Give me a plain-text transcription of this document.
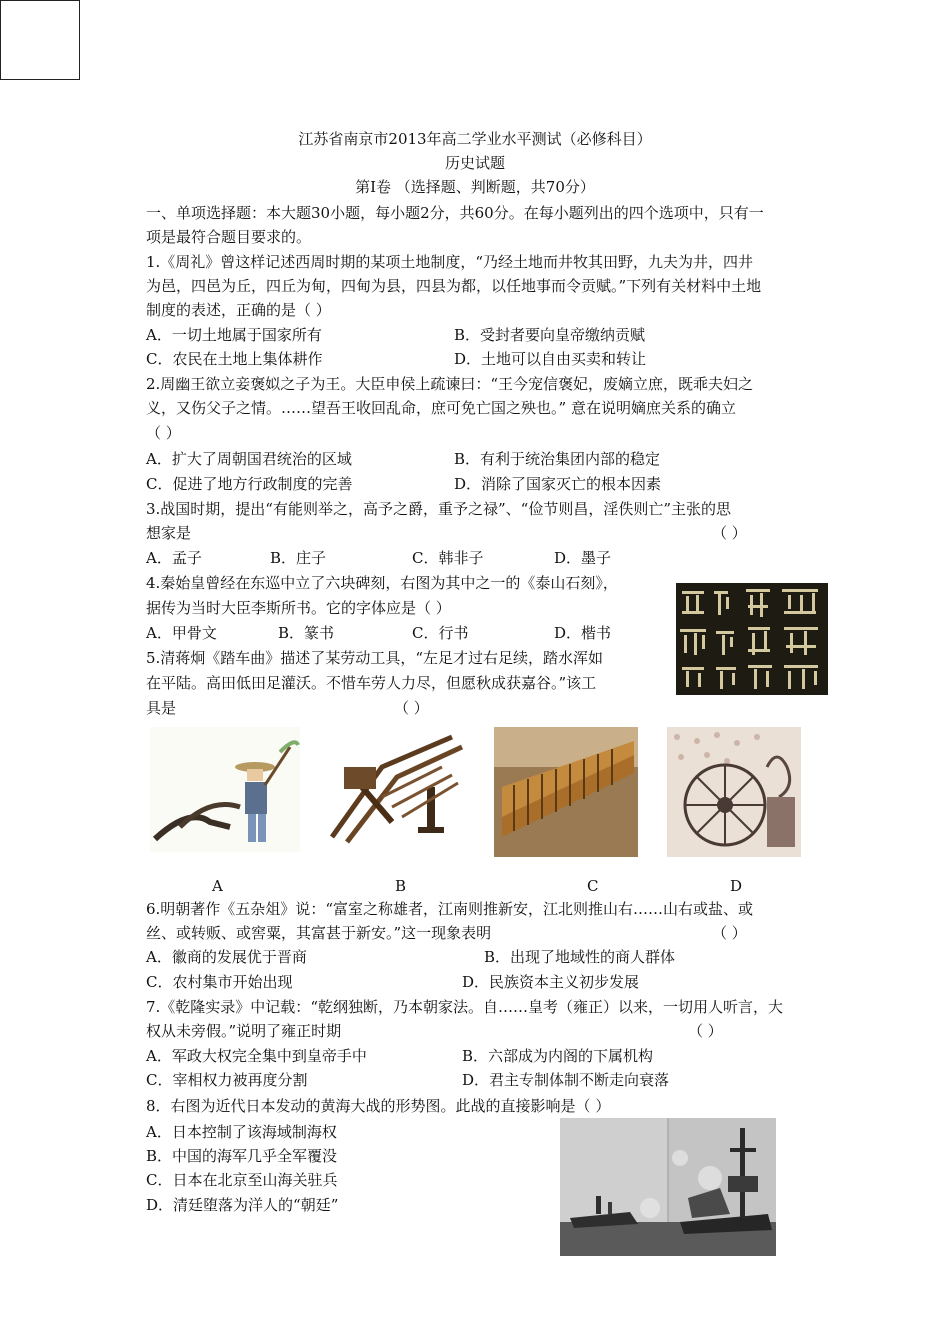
江苏省南京市2013年高二学业水平测试（必修科目）
历史试题
第Ⅰ卷 （选择题、判断题，共70分）
一、单项选择题：本大题30小题，每小题2分，共60分。在每小题列出的四个选项中，只有一
项是最符合题目要求的。
1.《周礼》曾这样记述西周时期的某项土地制度，“乃经土地而井牧其田野，九夫为井，四井
为邑，四邑为丘，四丘为甸，四甸为县，四县为都，以任地事而令贡赋。”下列有关材料中土地
制度的表述，正确的是（ ）
A．一切土地属于国家所有	B．受封者要向皇帝缴纳贡赋
C．农民在土地上集体耕作	D．土地可以自由买卖和转让
2.周幽王欲立妾褒姒之子为王。大臣申侯上疏谏曰：“王今宠信褒妃，废嫡立庶，既乖夫妇之
义，又伤父子之情。……望吾王收回乱命，庶可免亡国之殃也。” 意在说明嫡庶关系的确立
（ ）
A．扩大了周朝国君统治的区域	B．有利于统治集团内部的稳定
C．促进了地方行政制度的完善	D．消除了国家灭亡的根本因素
3.战国时期，提出“有能则举之，高予之爵，重予之禄”、“俭节则昌，淫佚则亡”主张的思
想家是	（ ）
A．孟子	B．庄子	C．韩非子	D．墨子
4.秦始皇曾经在东巡中立了六块碑刻，右图为其中之一的《泰山石刻》，
据传为当时大臣李斯所书。它的字体应是（ ）
A．甲骨文	B．篆书	C．行书	D．楷书
5.清蒋炯《踏车曲》描述了某劳动工具，“左足才过右足续，踏水浑如
在平陆。高田低田足灌沃。不惜车劳人力尽，但愿秋成获嘉谷。”该工
具是	（ ）
A	B	C	D
6.明朝著作《五杂俎》说：“富室之称雄者，江南则推新安，江北则推山右……山右或盐、或
丝、或转贩、或窖粟，其富甚于新安。”这一现象表明	（ ）
A．徽商的发展优于晋商	B．出现了地域性的商人群体
C．农村集市开始出现	D．民族资本主义初步发展
7.《乾隆实录》中记载：“乾纲独断，乃本朝家法。自……皇考（雍正）以来，一切用人听言，大
权从未旁假。”说明了雍正时期	（ ）
A．军政大权完全集中到皇帝手中	B．六部成为内阁的下属机构
C．宰相权力被再度分割	D．君主专制体制不断走向衰落
8．右图为近代日本发动的黄海大战的形势图。此战的直接影响是（ ）
A．日本控制了该海域制海权
B．中国的海军几乎全军覆没
C．日本在北京至山海关驻兵
D．清廷堕落为洋人的“朝廷”
